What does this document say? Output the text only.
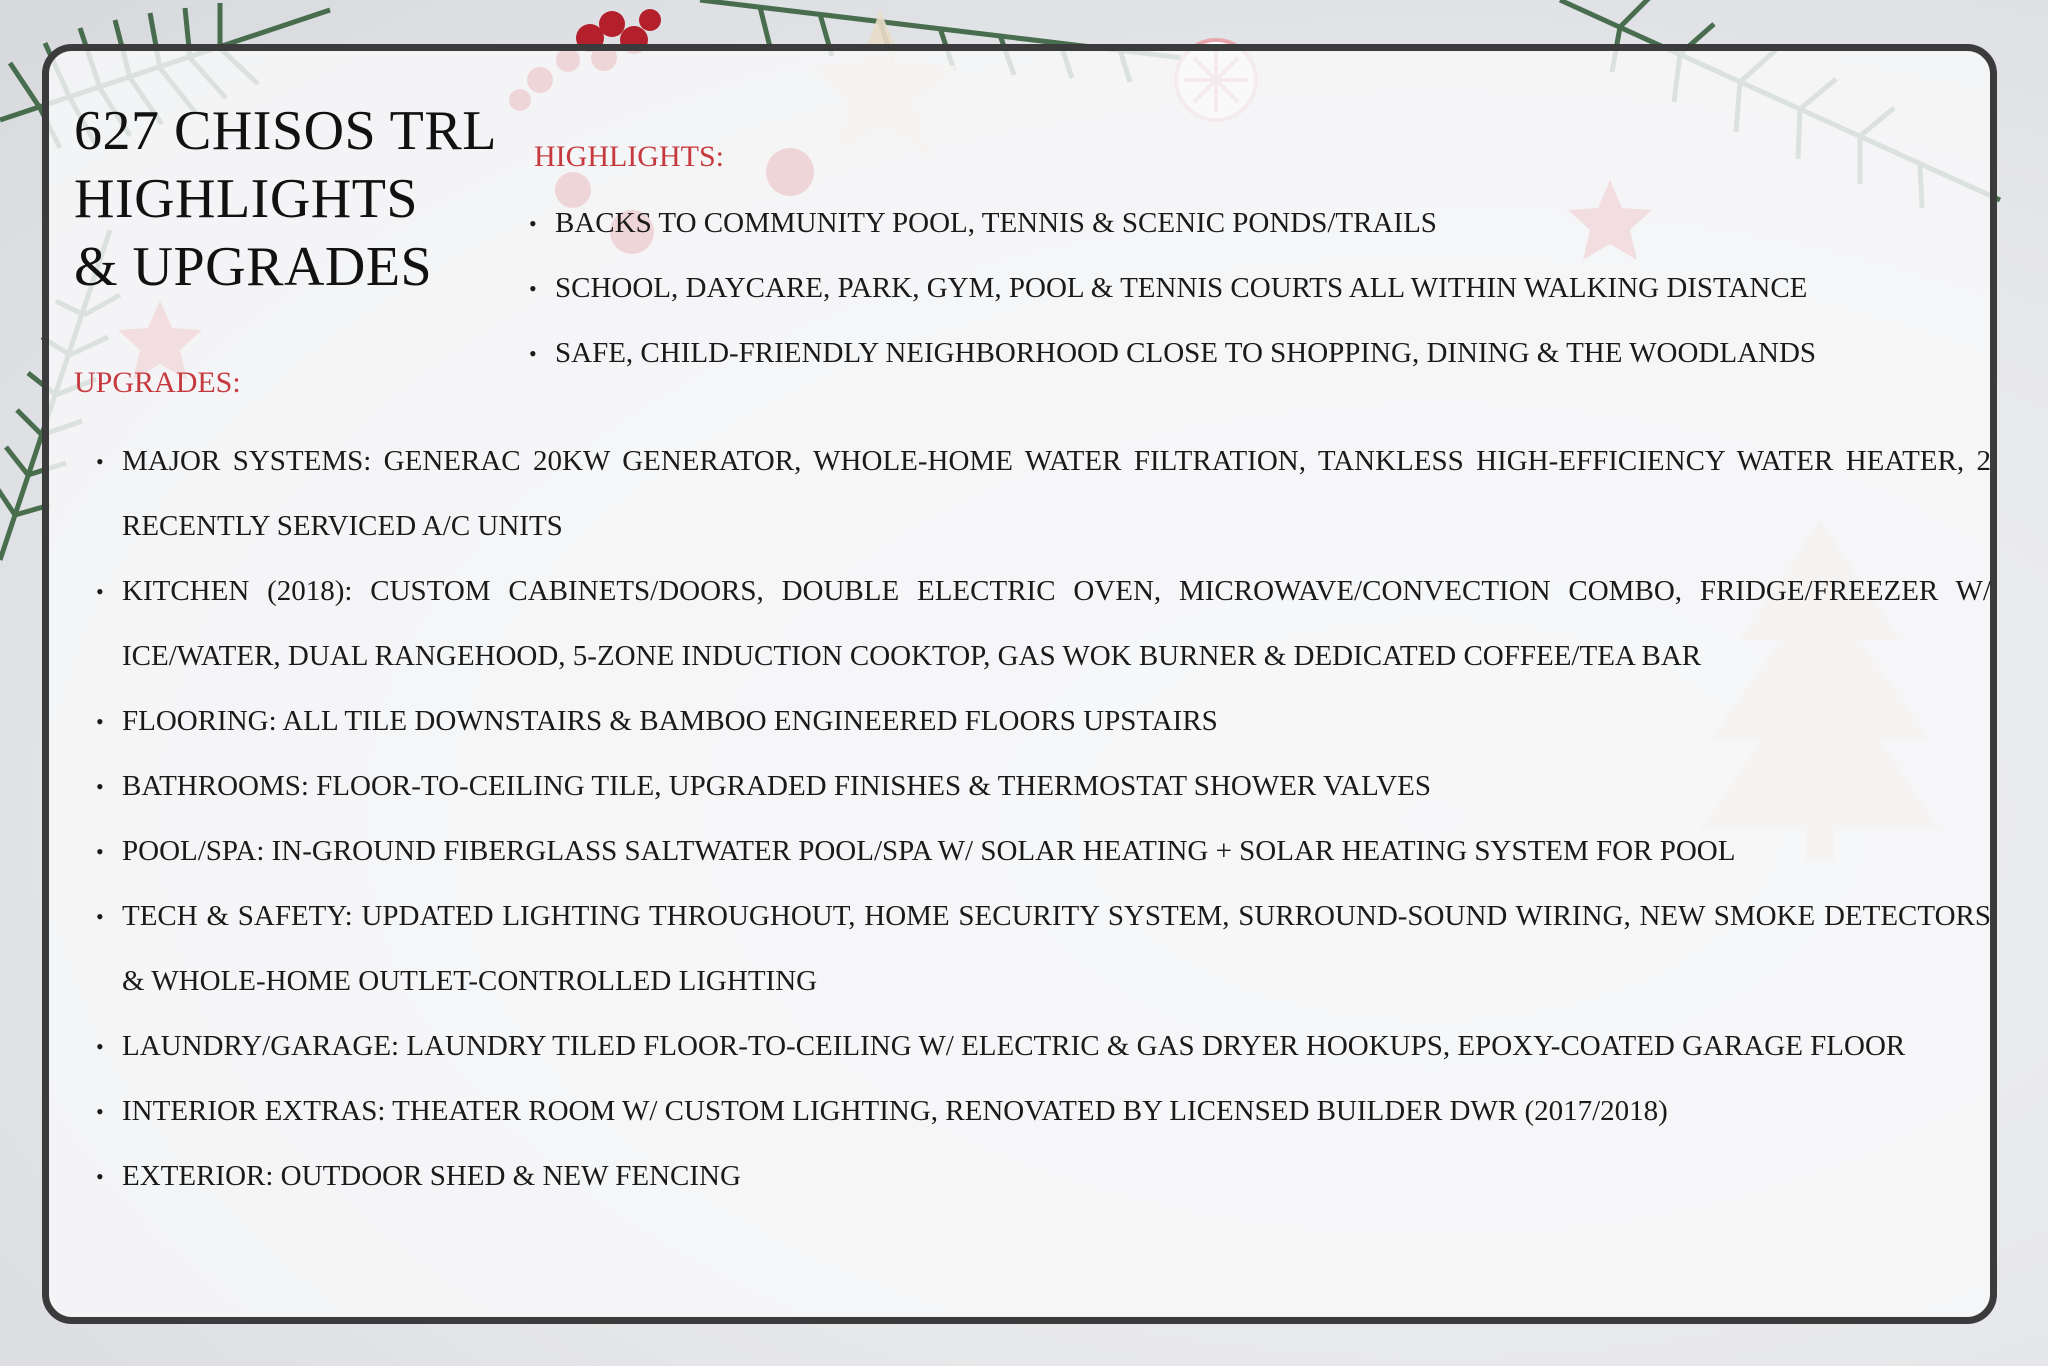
627 CHISOS TRL
HIGHLIGHTS
& UPGRADES
HIGHLIGHTS:
• BACKS TO COMMUNITY POOL, TENNIS & SCENIC PONDS/TRAILS
• SCHOOL, DAYCARE, PARK, GYM, POOL & TENNIS COURTS ALL WITHIN WALKING DISTANCE
• SAFE, CHILD-FRIENDLY NEIGHBORHOOD CLOSE TO SHOPPING, DINING & THE WOODLANDS
UPGRADES:
• MAJOR SYSTEMS: GENERAC 20KW GENERATOR, WHOLE-HOME WATER FILTRATION, TANKLESS HIGH-EFFICIENCY WATER HEATER, 2 RECENTLY SERVICED A/C UNITS
• KITCHEN (2018): CUSTOM CABINETS/DOORS, DOUBLE ELECTRIC OVEN, MICROWAVE/CONVECTION COMBO, FRIDGE/FREEZER W/ ICE/WATER, DUAL RANGEHOOD, 5-ZONE INDUCTION COOKTOP, GAS WOK BURNER & DEDICATED COFFEE/TEA BAR
• FLOORING: ALL TILE DOWNSTAIRS & BAMBOO ENGINEERED FLOORS UPSTAIRS
• BATHROOMS: FLOOR-TO-CEILING TILE, UPGRADED FINISHES & THERMOSTAT SHOWER VALVES
• POOL/SPA: IN-GROUND FIBERGLASS SALTWATER POOL/SPA W/ SOLAR HEATING + SOLAR HEATING SYSTEM FOR POOL
• TECH & SAFETY: UPDATED LIGHTING THROUGHOUT, HOME SECURITY SYSTEM, SURROUND-SOUND WIRING, NEW SMOKE DETECTORS & WHOLE-HOME OUTLET-CONTROLLED LIGHTING
• LAUNDRY/GARAGE: LAUNDRY TILED FLOOR-TO-CEILING W/ ELECTRIC & GAS DRYER HOOKUPS, EPOXY-COATED GARAGE FLOOR
• INTERIOR EXTRAS: THEATER ROOM W/ CUSTOM LIGHTING, RENOVATED BY LICENSED BUILDER DWR (2017/2018)
• EXTERIOR: OUTDOOR SHED & NEW FENCING
